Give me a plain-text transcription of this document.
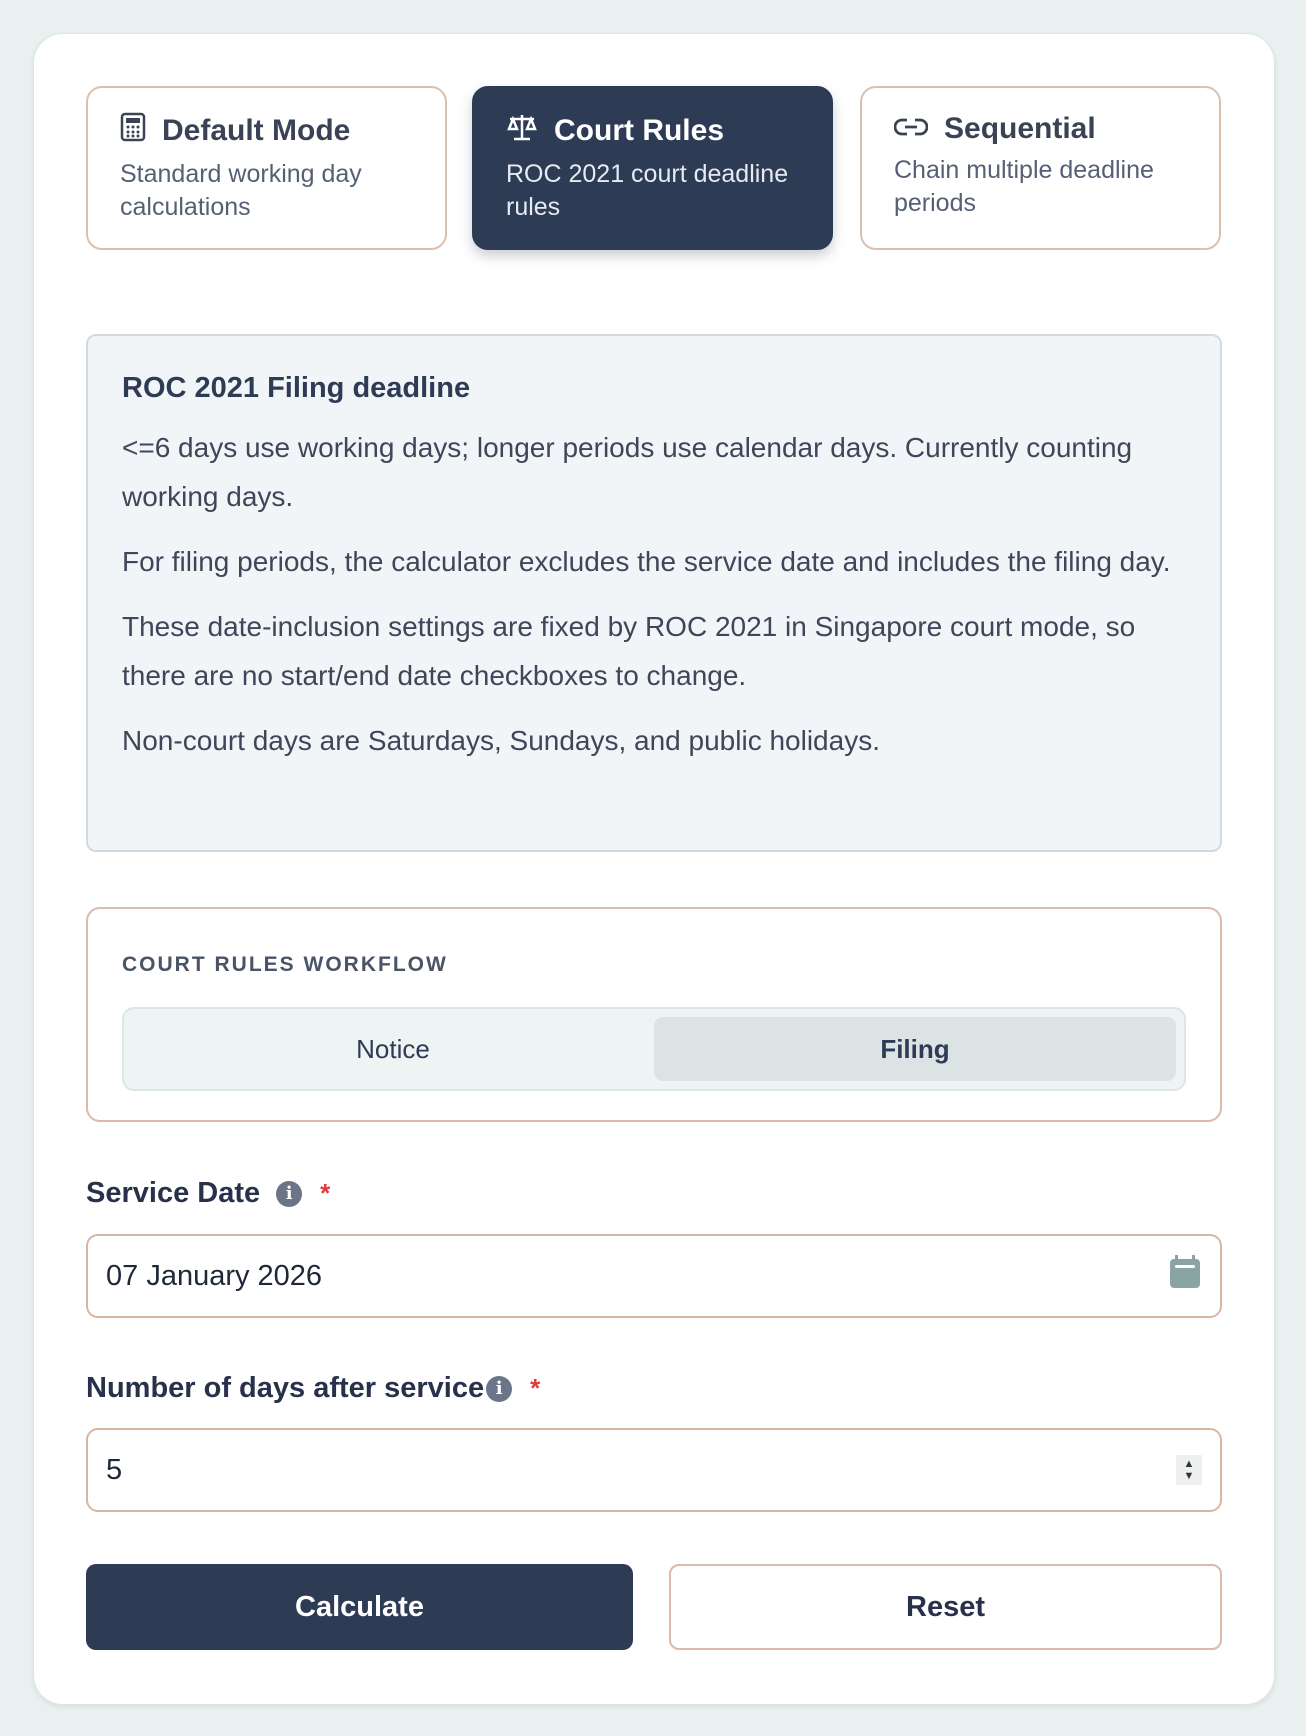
Default Mode
Standard working day calculations
Court Rules
ROC 2021 court deadline rules
Sequential
Chain multiple deadline periods
ROC 2021 Filing deadline

<=6 days use working days; longer periods use calendar days. Currently counting working days.

For filing periods, the calculator excludes the service date and includes the filing day.

These date-inclusion settings are fixed by ROC 2021 in Singapore court mode, so there are no start/end date checkboxes to change.

Non-court days are Saturdays, Sundays, and public holidays.

COURT RULES WORKFLOW
Notice	Filing
Service Date	i	*
07 January 2026
Number of days after service i	*
5	▲
▼
Calculate	Reset
